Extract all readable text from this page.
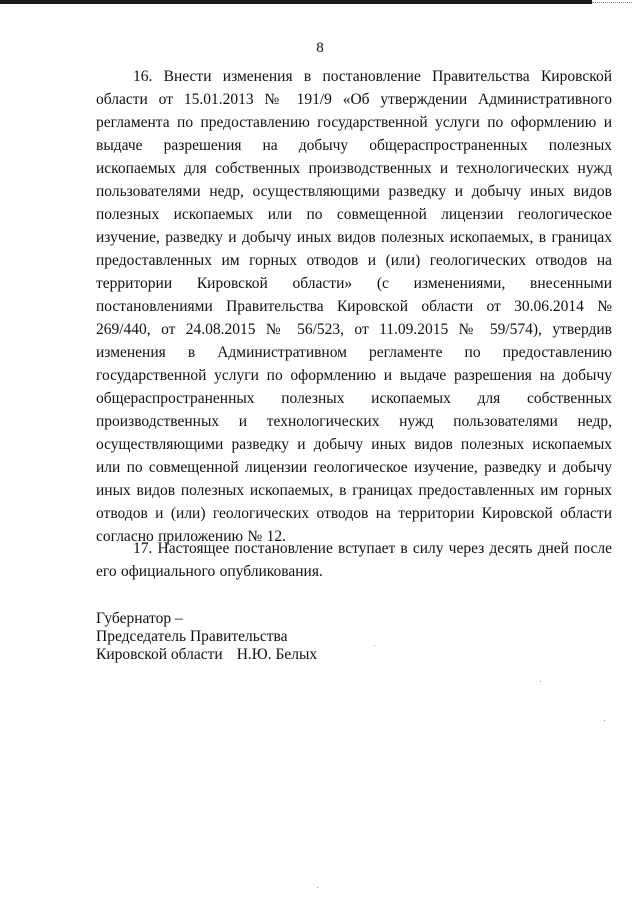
8

16. Внести изменения в постановление Правительства Кировской области от 15.01.2013 № 191/9 «Об утверждении Административного регламента по предоставлению государственной услуги по оформлению и выдаче разрешения на добычу общераспространенных полезных ископаемых для собственных производственных и технологических нужд пользователями недр, осуществляющими разведку и добычу иных видов полезных ископаемых или по совмещенной лицензии геологическое изучение, разведку и добычу иных видов полезных ископаемых, в границах предоставленных им горных отводов и (или) геологических отводов на территории Кировской области» (с изменениями, внесенными постановлениями Правительства Кировской области от 30.06.2014 № 269/440, от 24.08.2015 № 56/523, от 11.09.2015 № 59/574), утвердив изменения в Административном регламенте по предоставлению государственной услуги по оформлению и выдаче разрешения на добычу общераспространенных полезных ископаемых для собственных производственных и технологических нужд пользователями недр, осуществляющими разведку и добычу иных видов полезных ископаемых или по совмещенной лицензии геологическое изучение, разведку и добычу иных видов полезных ископаемых, в границах предоставленных им горных отводов и (или) геологических отводов на территории Кировской области согласно приложению № 12.

17. Настоящее постановление вступает в силу через десять дней после его официального опубликования.

Губернатор –
Председатель Правительства
Кировской области Н.Ю. Белых
